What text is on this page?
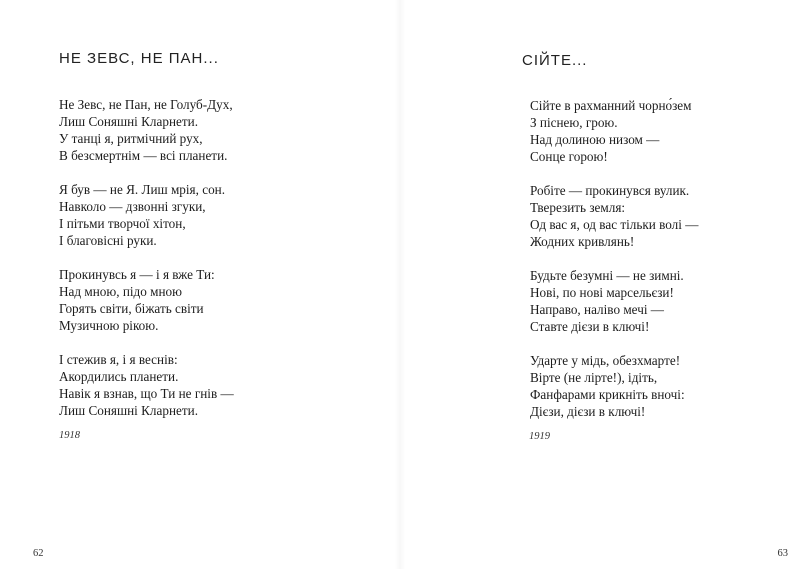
НЕ ЗЕВС, НЕ ПАН...
Не Зевс, не Пан, не Голуб-Дух,
Лиш Соняшні Кларнети.
У танці я, ритмічний рух,
В безсмертнім — всі планети.
Я був — не Я. Лиш мрія, сон.
Навколо — дзвонні згуки,
І пітьми творчої хітон,
І благовісні руки.
Прокинувсь я — і я вже Ти:
Над мною, підо мною
Горять світи, біжать світи
Музичною рікою.
І стежив я, і я веснів:
Акордились планети.
Навік я взнав, що Ти не гнів —
Лиш Соняшні Кларнети.
1918
62
СІЙТЕ...
Сійте в рахманний чорно́зем
З піснею, грою.
Над долиною низом —
Сонце горою!
Робіте — прокинувся вулик.
Тверезить земля:
Од вас я, од вас тільки волі —
Жодних кривлянь!
Будьте безумні — не зимні.
Нові, по нові марсельєзи!
Направо, наліво мечі —
Ставте дієзи в ключі!
Ударте у мідь, обезхмарте!
Вірте (не лірте!), ідіть,
Фанфарами крикніть вночі:
Дієзи, дієзи в ключі!
1919
63
